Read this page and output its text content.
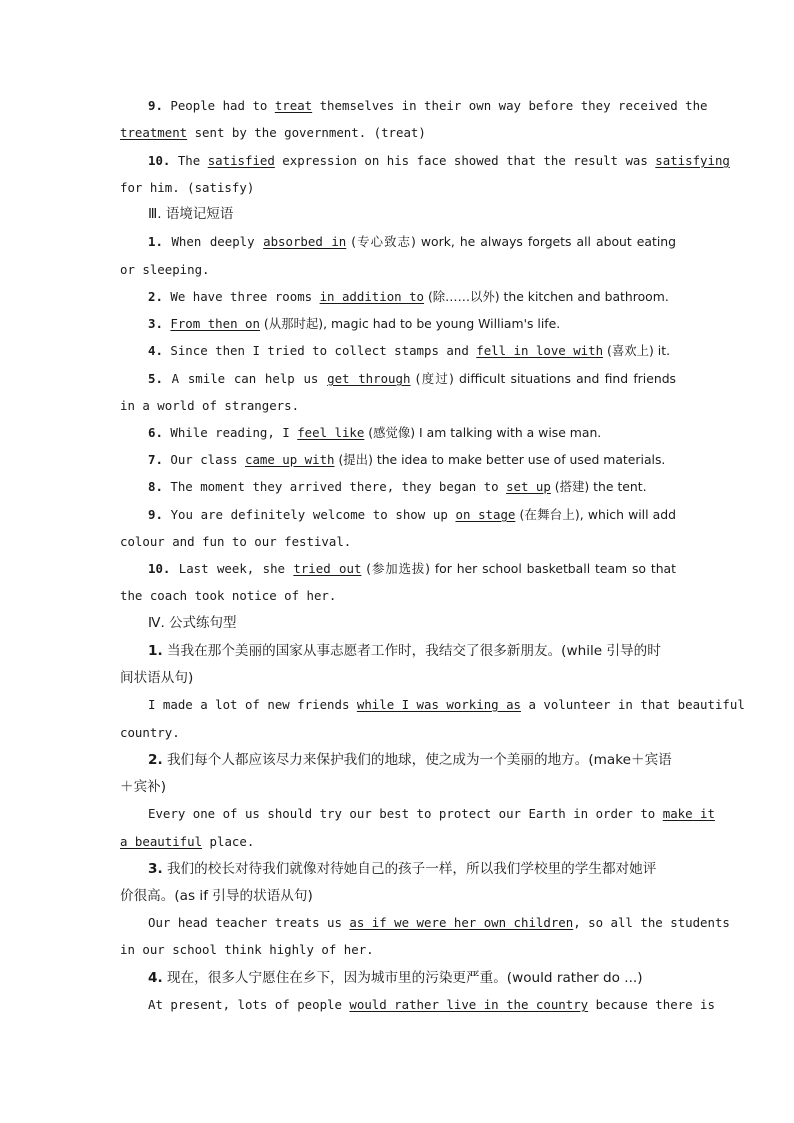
9. People had to treat themselves in their own way before they received the
treatment sent by the government. (treat)
10. The satisfied expression on his face showed that the result was satisfying
for him. (satisfy)
Ⅲ. 语境记短语
1. When deeply absorbed in (专心致志) work, he always forgets all about eating
or sleeping.
2. We have three rooms in addition to (除……以外) the kitchen and bathroom.
3. From then on (从那时起), magic had to be young William's life.
4. Since then I tried to collect stamps and fell in love with (喜欢上) it.
5. A smile can help us get through (度过) difficult situations and find friends
in a world of strangers.
6. While reading, I feel like (感觉像) I am talking with a wise man.
7. Our class came up with (提出) the idea to make better use of used materials.
8. The moment they arrived there, they began to set up (搭建) the tent.
9. You are definitely welcome to show up on stage (在舞台上), which will add
colour and fun to our festival.
10. Last week, she tried out (参加选拔) for her school basketball team so that
the coach took notice of her.
Ⅳ. 公式练句型
1. 当我在那个美丽的国家从事志愿者工作时，我结交了很多新朋友。(while 引导的时
间状语从句)
I made a lot of new friends while I was working as a volunteer in that beautiful
country.
2. 我们每个人都应该尽力来保护我们的地球，使之成为一个美丽的地方。(make＋宾语
＋宾补)
Every one of us should try our best to protect our Earth in order to make it
a beautiful place.
3. 我们的校长对待我们就像对待她自己的孩子一样，所以我们学校里的学生都对她评
价很高。(as if 引导的状语从句)
Our head teacher treats us as if we were her own children, so all the students
in our school think highly of her.
4. 现在，很多人宁愿住在乡下，因为城市里的污染更严重。(would rather do ...)
At present, lots of people would rather live in the country because there is
